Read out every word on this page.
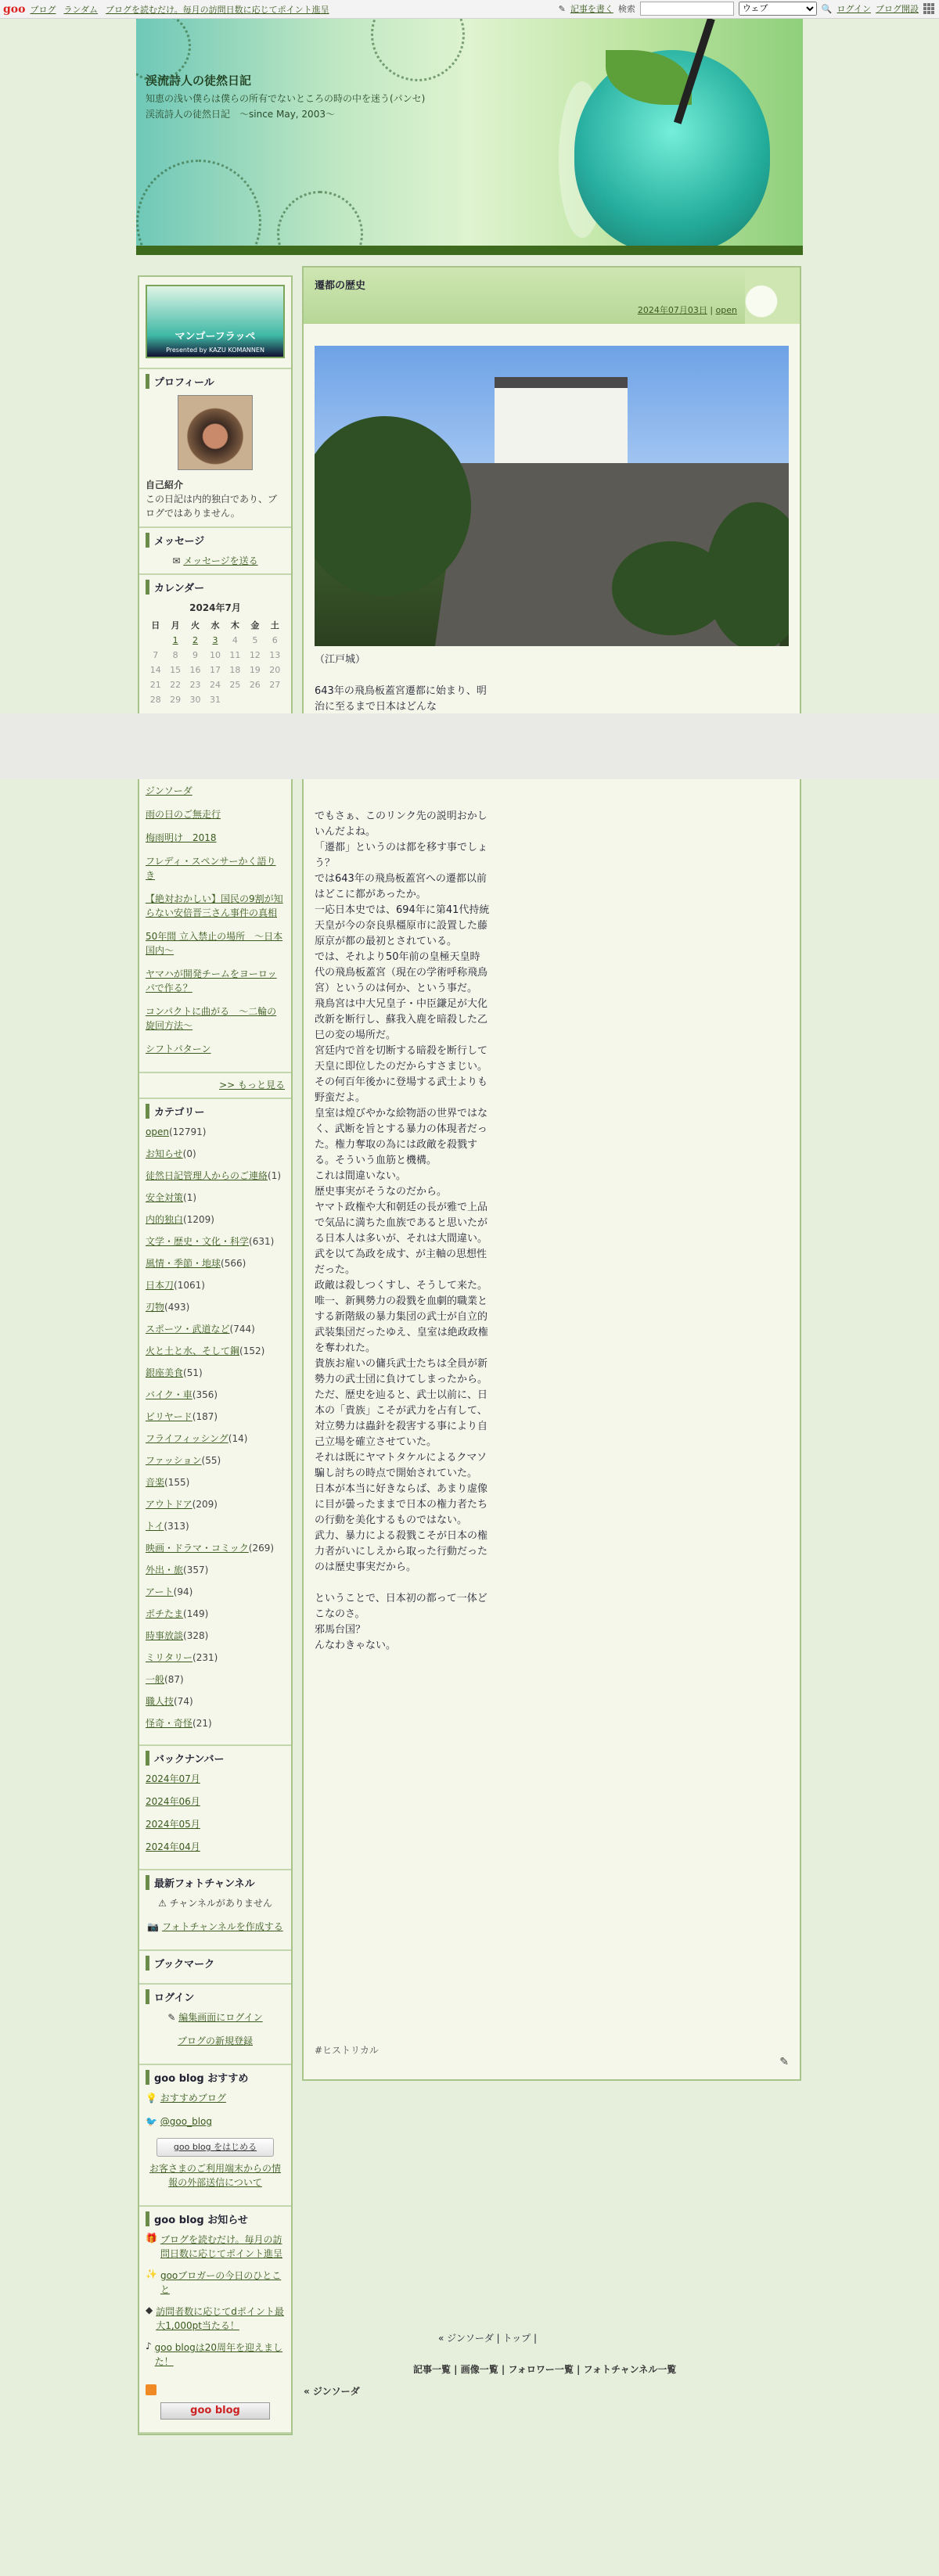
goo ブログ ランダム ブログを読むだけ。毎月の訪問日数に応じてポイント進呈	✎ 記事を書く 検索
ウェブ	🔍 ログイン ブログ開設
渓流詩人の徒然日記

知恵の浅い僕らは僕らの所有でないところの時の中を迷う(パンセ)　渓流詩人の徒然日記　～since May, 2003～

マンゴーフラッペ
Presented by KAZU KOMANNEN
プロフィール
自己紹介
この日記は内的独白であり、ブログではありません。
メッセージ
✉ メッセージを送る
カレンダー
2024年7月
日	月	火	水	木	金	土
	1	2	3	4	5	6
7	8	9	10	11	12	13
14	15	16	17	18	19	20
21	22	23	24	25	26	27
28	29	30	31			
ジンソーダ
雨の日のご無走行
梅雨明け　2018
フレディ・スペンサーかく語りき
【絶対おかしい】国民の9割が知らない安倍晋三さん事件の真相
50年間 立入禁止の場所　～日本国内～
ヤマハが開発チームをヨーロッパで作る？
コンパクトに曲がる　～二輪の旋回方法～
シフトパターン
>> もっと見る
カテゴリー
open(12791)
お知らせ(0)
徒然日記管理人からのご連絡(1)
安全対策(1)
内的独白(1209)
文学・歴史・文化・科学(631)
風情・季節・地球(566)
日本刀(1061)
刃物(493)
スポーツ・武道など(744)
火と土と水、そして鋼(152)
銀座美食(51)
バイク・車(356)
ビリヤード(187)
フライフィッシング(14)
ファッション(55)
音楽(155)
アウトドア(209)
トイ(313)
映画・ドラマ・コミック(269)
外出・旅(357)
アート(94)
ポチたま(149)
時事放談(328)
ミリタリー(231)
一般(87)
職人技(74)
怪奇・奇怪(21)
バックナンバー
2024年07月
2024年06月
2024年05月
2024年04月
最新フォトチャンネル
⚠ チャンネルがありません
📷 フォトチャンネルを作成する
ブックマーク
ログイン
✎ 編集画面にログイン
ブログの新規登録
goo blog おすすめ
💡 おすすめブログ
🐦 @goo_blog
goo blog をはじめる
お客さまのご利用端末からの情報の外部送信について
goo blog お知らせ
🎁 ブログを読むだけ。毎月の訪問日数に応じてポイント進呈
✨ gooブロガーの今日のひとこと
◆ 訪問者数に応じてdポイント最大1,000pt当たる！
♪ goo blogは20周年を迎えました！
goo blog
遷都の歴史
2024年07月03日 | open

（江戸城）

643年の飛鳥板蓋宮遷都に始まり、明治に至るまで日本はどんな

でもさぁ、このリンク先の説明おかしいんだよね。

「遷都」というのは都を移す事でしょう？

では643年の飛鳥板蓋宮への遷都以前はどこに都があったか。

一応日本史では、694年に第41代持統天皇が今の奈良県橿原市に設置した藤原京が都の最初とされている。

では、それより50年前の皇極天皇時代の飛鳥板蓋宮（現在の学術呼称飛鳥宮）というのは何か、という事だ。

飛鳥宮は中大兄皇子・中臣鎌足が大化改新を断行し、蘇我入鹿を暗殺した乙巳の変の場所だ。

宮廷内で首を切断する暗殺を断行して天皇に即位したのだからすさまじい。

その何百年後かに登場する武士よりも野蛮だよ。

皇室は煌びやかな絵物語の世界ではなく、武断を旨とする暴力の体現者だった。権力奪取の為には政敵を殺戮する。そういう血筋と機構。

これは間違いない。

歴史事実がそうなのだから。

ヤマト政権や大和朝廷の長が雅で上品で気品に満ちた血族であると思いたがる日本人は多いが、それは大間違い。

武を以て為政を成す、が主軸の思想性だった。

政敵は殺しつくすし、そうして来た。

唯一、新興勢力の殺戮を血劇的職業とする新階級の暴力集団の武士が自立的武装集団だったゆえ、皇室は絶政政権を奪われた。

貴族お雇いの傭兵武士たちは全員が新勢力の武士団に負けてしまったから。

ただ、歴史を辿ると、武士以前に、日本の「貴族」こそが武力を占有して、対立勢力は蟲針を殺害する事により自己立場を確立させていた。

それは既にヤマトタケルによるクマソ騙し討ちの時点で開始されていた。

日本が本当に好きならば、あまり虚像に目が曇ったままで日本の権力者たちの行動を美化するものではない。

武力、暴力による殺戮こそが日本の権力者がいにしえから取った行動だったのは歴史事実だから。

ということで、日本初の都って一体どこなのさ。

邪馬台国？

んなわきゃない。

#ヒストリカル
✎
« ジンソーダ | トップ |
記事一覧 | 画像一覧 | フォロワー一覧 | フォトチャンネル一覧
« ジンソーダ
